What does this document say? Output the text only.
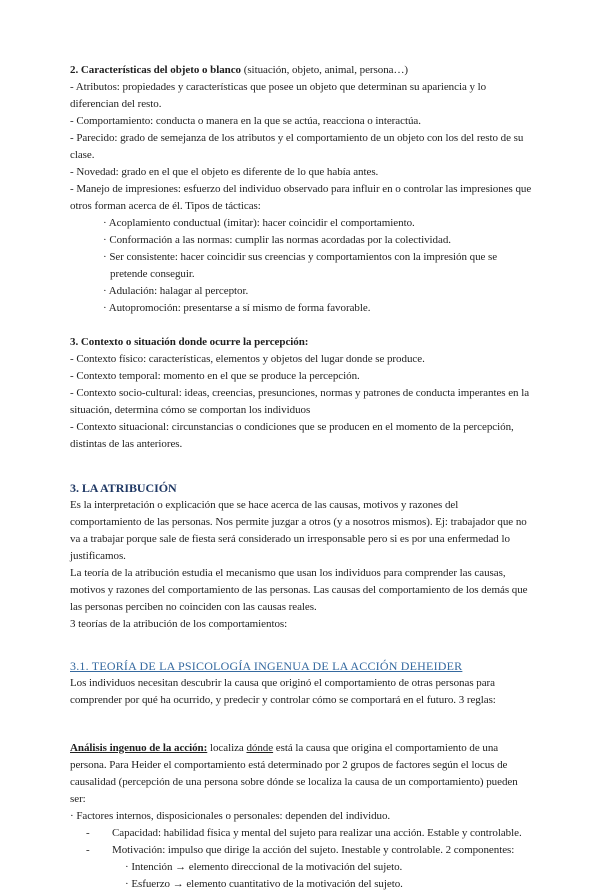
2. Características del objeto o blanco (situación, objeto, animal, persona…)

- Atributos: propiedades y características que posee un objeto que determinan su apariencia y lo diferencian del resto.

- Comportamiento: conducta o manera en la que se actúa, reacciona o interactúa.

- Parecido: grado de semejanza de los atributos y el comportamiento de un objeto con los del resto de su clase.

- Novedad: grado en el que el objeto es diferente de lo que había antes.

- Manejo de impresiones: esfuerzo del individuo observado para influir en o controlar las impresiones que otros forman acerca de él. Tipos de tácticas:

· Acoplamiento conductual (imitar): hacer coincidir el comportamiento.

· Conformación a las normas: cumplir las normas acordadas por la colectividad.

· Ser consistente: hacer coincidir sus creencias y comportamientos con la impresión que se pretende conseguir.

· Adulación: halagar al perceptor.

· Autopromoción: presentarse a sí mismo de forma favorable.

3. Contexto o situación donde ocurre la percepción:

- Contexto físico: características, elementos y objetos del lugar donde se produce.

- Contexto temporal: momento en el que se produce la percepción.

- Contexto socio-cultural: ideas, creencias, presunciones, normas y patrones de conducta imperantes en la situación, determina cómo se comportan los individuos

- Contexto situacional: circunstancias o condiciones que se producen en el momento de la percepción, distintas de las anteriores.

3. LA ATRIBUCIÓN

Es la interpretación o explicación que se hace acerca de las causas, motivos y razones del comportamiento de las personas. Nos permite juzgar a otros (y a nosotros mismos). Ej: trabajador que no va a trabajar porque sale de fiesta será considerado un irresponsable pero si es por una enfermedad lo justificamos.

La teoría de la atribución estudia el mecanismo que usan los individuos para comprender las causas, motivos y razones del comportamiento de las personas. Las causas del comportamiento de los demás que las personas perciben no coinciden con las causas reales.

3 teorías de la atribución de los comportamientos:

3.1. TEORÍA DE LA PSICOLOGÍA INGENUA DE LA ACCIÓN DEHEIDER

Los individuos necesitan descubrir la causa que originó el comportamiento de otras personas para comprender por qué ha ocurrido, y predecir y controlar cómo se comportará en el futuro. 3 reglas:

Análisis ingenuo de la acción: localiza dónde está la causa que origina el comportamiento de una persona. Para Heider el comportamiento está determinado por 2 grupos de factores según el locus de causalidad (percepción de una persona sobre dónde se localiza la causa de un comportamiento) pueden ser:

· Factores internos, disposicionales o personales: dependen del individuo.

-	Capacidad: habilidad física y mental del sujeto para realizar una acción. Estable y controlable.
-	Motivación: impulso que dirige la acción del sujeto. Inestable y controlable. 2 componentes:

· Intención → elemento direccional de la motivación del sujeto.

· Esfuerzo → elemento cuantitativo de la motivación del sujeto.
